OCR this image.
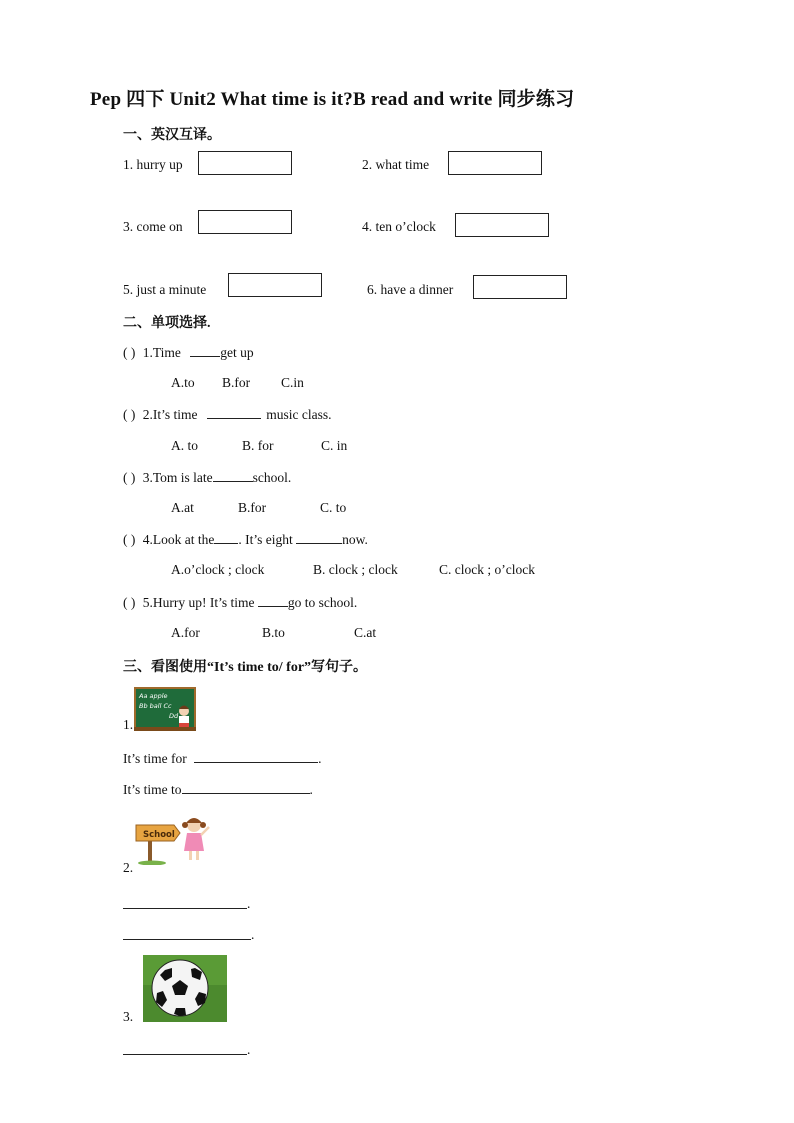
Pep 四下 Unit2 What time is it?B read and write 同步练习
一、英汉互译。
1. hurry up	2. what time
3. come on	4. ten o’clock
5. just a minute	6. have a dinner
二、单项选择.
( ) 1.Time	get up
A.to B.for C.in
( ) 2.It’s time	music class.
A. to	B. for	C. in
( ) 3.Tom is late	school.
A.at	B.for	C. to
( ) 4.Look at the . It’s eight	now.
A.o’clock ; clock	B. clock ; clock	C. clock ; o’clock
( ) 5.Hurry up! It’s time go to school.
A.for	B.to	C.at
三、看图使用“It’s time to/ for”写句子。
1.
Aa apple
Bb ball Cc
Dd
It’s time for	.
It’s time to	.
2.
School
.
.
3.
.
